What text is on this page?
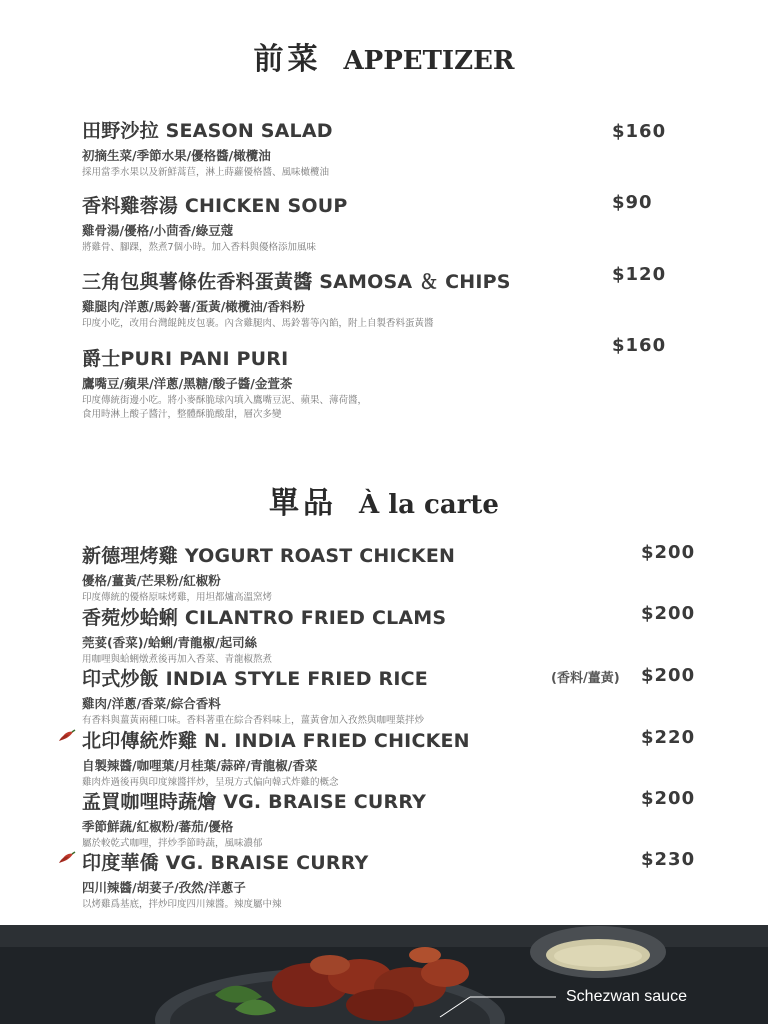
前菜 APPETIZER
田野沙拉 SEASON SALAD
初摘生菜/季節水果/優格醬/橄欖油
採用當季水果以及新鮮蒿苣，淋上蒔蘿優格醬、風味橄欖油
$160
香料雞蓉湯 CHICKEN SOUP
雞骨湯/優格/小茴香/綠豆蔻
將雞骨、腳踝，熬煮7個小時。加入香料與優格添加風味
$90
三角包與薯條佐香料蛋黃醬 SAMOSA ＆ CHIPS
雞腿肉/洋蔥/馬鈴薯/蛋黃/橄欖油/香料粉
印度小吃，改用台灣餛飩皮包裹。內含雞腿肉、馬鈴薯等內餡，附上自製香料蛋黃醬
$120
爵士PURI PANI PURI
鷹嘴豆/蘋果/洋蔥/黑糖/酸子醬/金萱茶
印度傳統街邊小吃。將小麥酥脆球內填入鷹嘴豆泥、蘋果、薄荷醬，
食用時淋上酸子醬汁，整體酥脆酸甜，層次多變
$160
單品 À la carte
新德理烤雞 YOGURT ROAST CHICKEN
優格/薑黃/芒果粉/紅椒粉
印度傳統的優格原味烤雞，用坦都爐高溫窯烤
$200
香菀炒蛤蜊 CILANTRO FRIED CLAMS
莞荽(香菜)/蛤蜊/青龍椒/起司絲
用咖哩與蛤蜊燉煮後再加入香菜、青龍椒熬煮
$200
印式炒飯 INDIA STYLE FRIED RICE
雞肉/洋蔥/香菜/綜合香料
有香料與薑黃兩種口味。香料著重在綜合香料味上，薑黃會加入孜然與咖哩葉拌炒
(香料/薑黃) $200
北印傳統炸雞 N. INDIA FRIED CHICKEN
自製辣醬/咖哩葉/月桂葉/蒜碎/青龍椒/香菜
雞肉炸過後再與印度辣醬拌炒，呈現方式偏向韓式炸雞的概念
$220
孟買咖哩時蔬燴 VG. BRAISE CURRY
季節鮮蔬/紅椒粉/蕃茄/優格
屬於較乾式咖哩，拌炒季節時蔬，風味濃郁
$200
印度華僑 VG. BRAISE CURRY
四川辣醬/胡荽子/孜然/洋蔥子
以烤雞爲基底，拌炒印度四川辣醬。辣度屬中辣
$230
Schezwan sauce
